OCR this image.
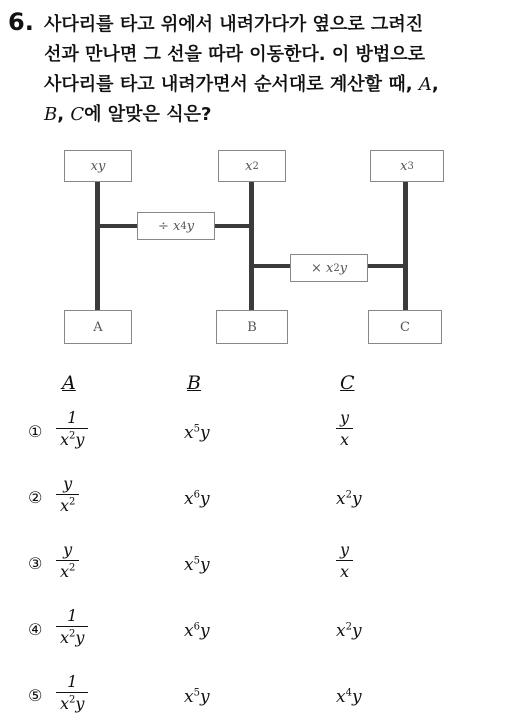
6. 사다리를 타고 위에서 내려가다가 옆으로 그려진
선과 만나면 그 선을 따라 이동한다. 이 방법으로
사다리를 타고 내려가면서 순서대로 계산할 때, A,
B, C에 알맞은 식은?
xy	x 2	x 3
÷ x 4 y
× x 2 y
A	B	C
A	B	C
① $\frac{1}{x^2y}$	$x^5y$	$\frac{y}{x}$
② $\frac{y}{x^2}$	$x^6y$	$x^2y$
③ $\frac{y}{x^2}$	$x^5y$	$\frac{y}{x}$
④ $\frac{1}{x^2y}$	$x^6y$	$x^2y$
⑤ $\frac{1}{x^2y}$	$x^5y$	$x^4y$
